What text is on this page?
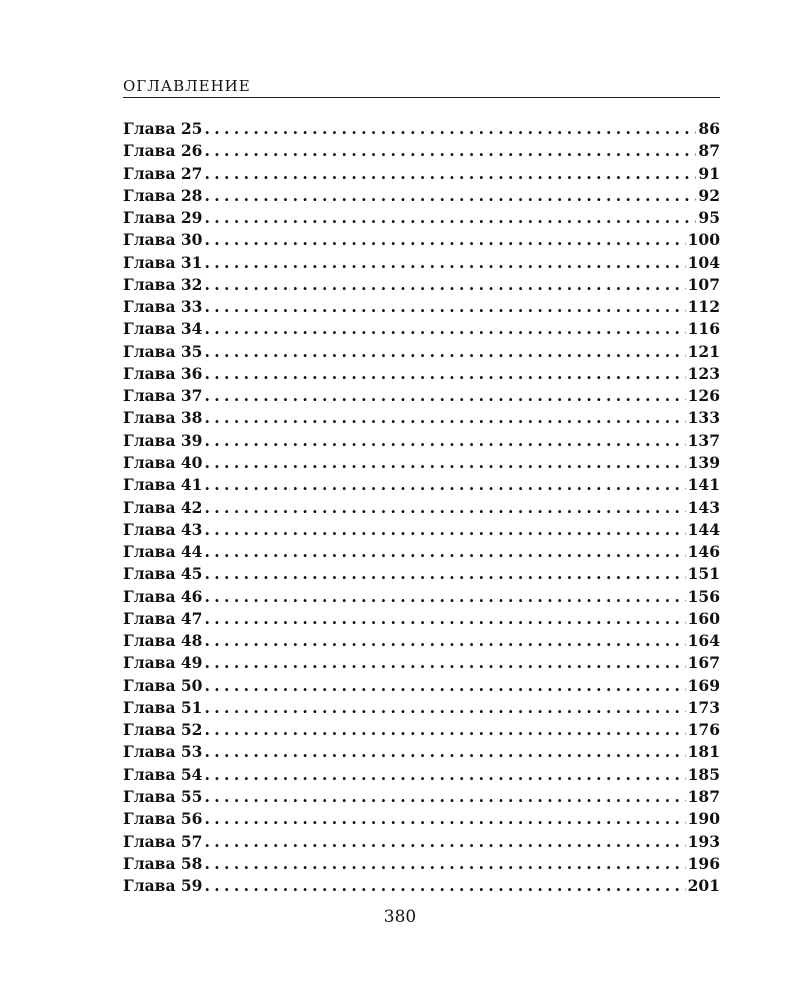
ОГЛАВЛЕНИЕ
Глава 25 . . .	86
Глава 26 . . .	87
Глава 27 . . .	91
Глава 28 . . .	92
Глава 29 . . .	95
Глава 30 . . .	100
Глава 31 . . .	104
Глава 32 . . .	107
Глава 33 . . .	112
Глава 34 . . .	116
Глава 35 . . .	121
Глава 36 . . .	123
Глава 37 . . .	126
Глава 38 . . .	133
Глава 39 . . .	137
Глава 40 . . .	139
Глава 41 . . .	141
Глава 42 . . .	143
Глава 43 . . .	144
Глава 44 . . .	146
Глава 45 . . .	151
Глава 46 . . .	156
Глава 47 . . .	160
Глава 48 . . .	164
Глава 49 . . .	167
Глава 50 . . .	169
Глава 51 . . .	173
Глава 52 . . .	176
Глава 53 . . .	181
Глава 54 . . .	185
Глава 55 . . .	187
Глава 56 . . .	190
Глава 57 . . .	193
Глава 58 . . .	196
Глава 59 . . .	201
380
